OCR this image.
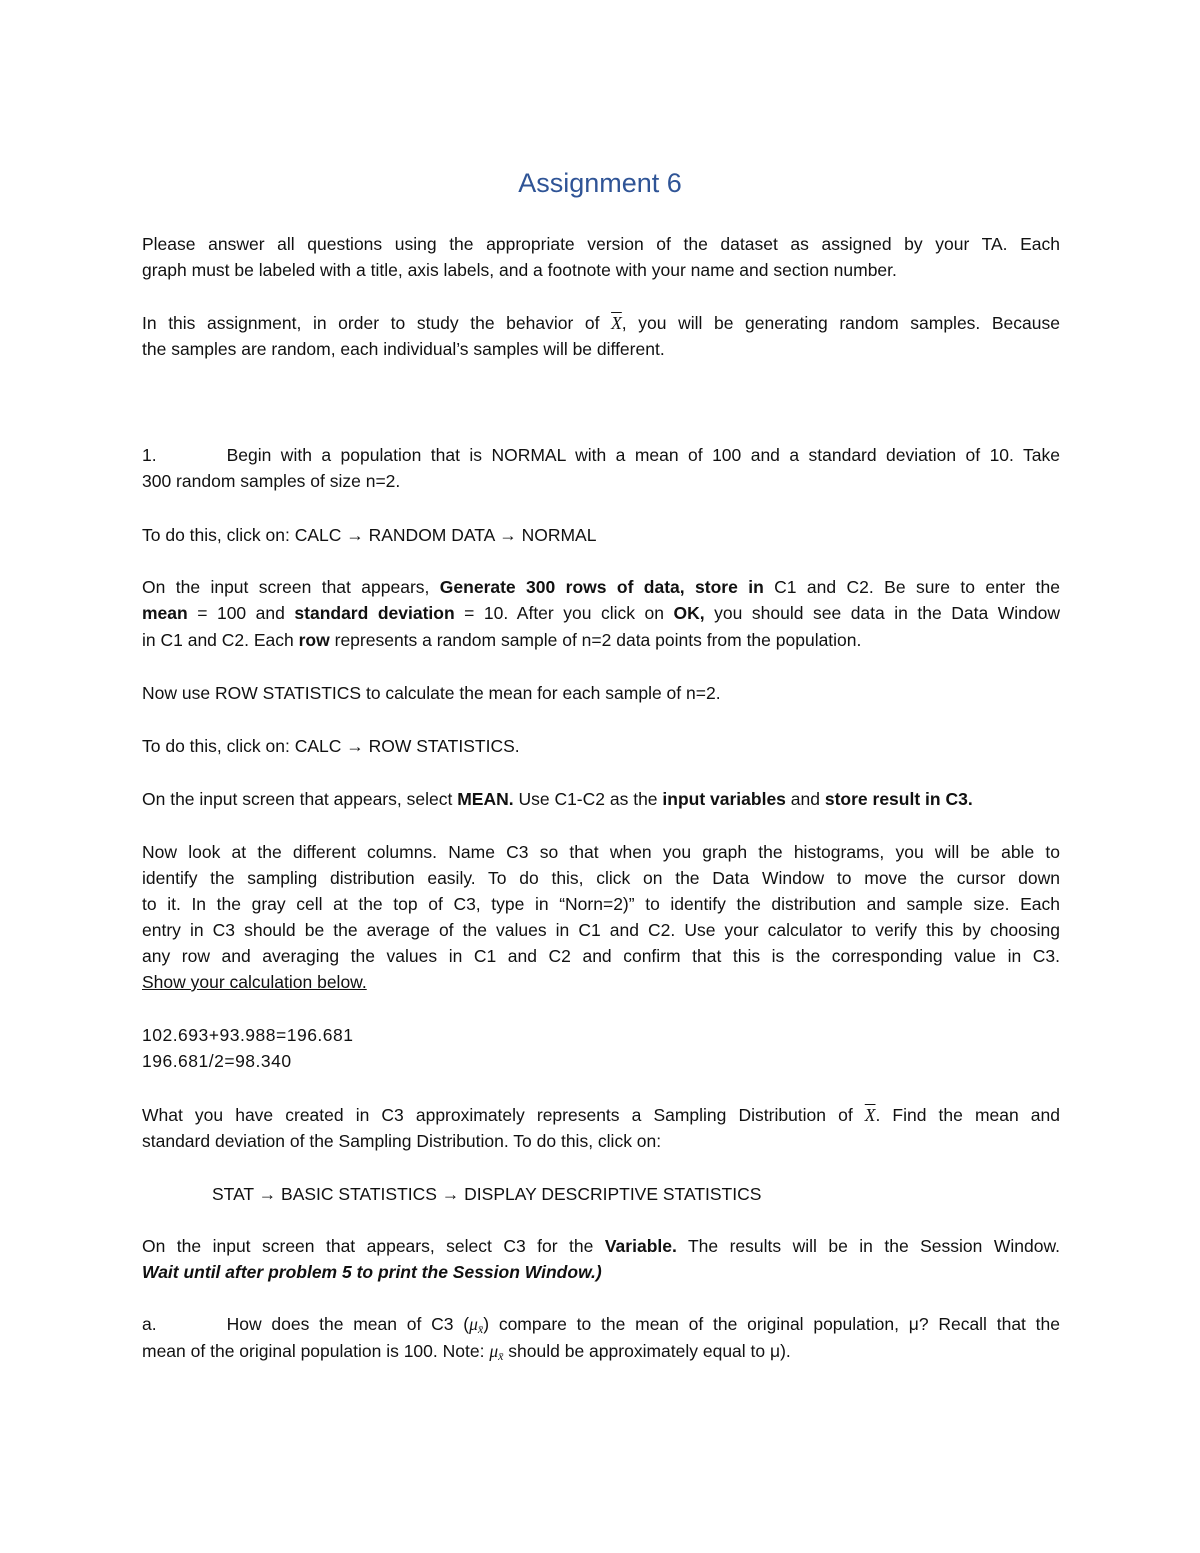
Assignment 6
Please answer all questions using the appropriate version of the dataset as assigned by your TA. Each
graph must be labeled with a title, axis labels, and a footnote with your name and section number.
In this assignment, in order to study the behavior of $\overline{X}$, you will be generating random samples. Because
the samples are random, each individual’s samples will be different.
1.	Begin with a population that is NORMAL with a mean of 100 and a standard deviation of 10. Take
300 random samples of size n=2.
To do this, click on: CALC → RANDOM DATA → NORMAL
On the input screen that appears, Generate 300 rows of data, store in C1 and C2. Be sure to enter the
mean = 100 and standard deviation = 10. After you click on OK, you should see data in the Data Window
in C1 and C2. Each row represents a random sample of n=2 data points from the population.
Now use ROW STATISTICS to calculate the mean for each sample of n=2.
To do this, click on: CALC → ROW STATISTICS.
On the input screen that appears, select MEAN. Use C1-C2 as the input variables and store result in C3.
Now look at the different columns. Name C3 so that when you graph the histograms, you will be able to
identify the sampling distribution easily. To do this, click on the Data Window to move the cursor down
to it. In the gray cell at the top of C3, type in “Norn=2)” to identify the distribution and sample size. Each
entry in C3 should be the average of the values in C1 and C2. Use your calculator to verify this by choosing
any row and averaging the values in C1 and C2 and confirm that this is the corresponding value in C3.
Show your calculation below.
102.693+93.988=196.681
196.681/2=98.340
What you have created in C3 approximately represents a Sampling Distribution of $\overline{X}$. Find the mean and
standard deviation of the Sampling Distribution. To do this, click on:
STAT → BASIC STATISTICS → DISPLAY DESCRIPTIVE STATISTICS
On the input screen that appears, select C3 for the Variable. The results will be in the Session Window.
Wait until after problem 5 to print the Session Window.)
a.	How does the mean of C3 $(\mu_{x̄})$ compare to the mean of the original population, μ? Recall that the
mean of the original population is 100. Note: $\mu_{x̄}$ should be approximately equal to μ).
